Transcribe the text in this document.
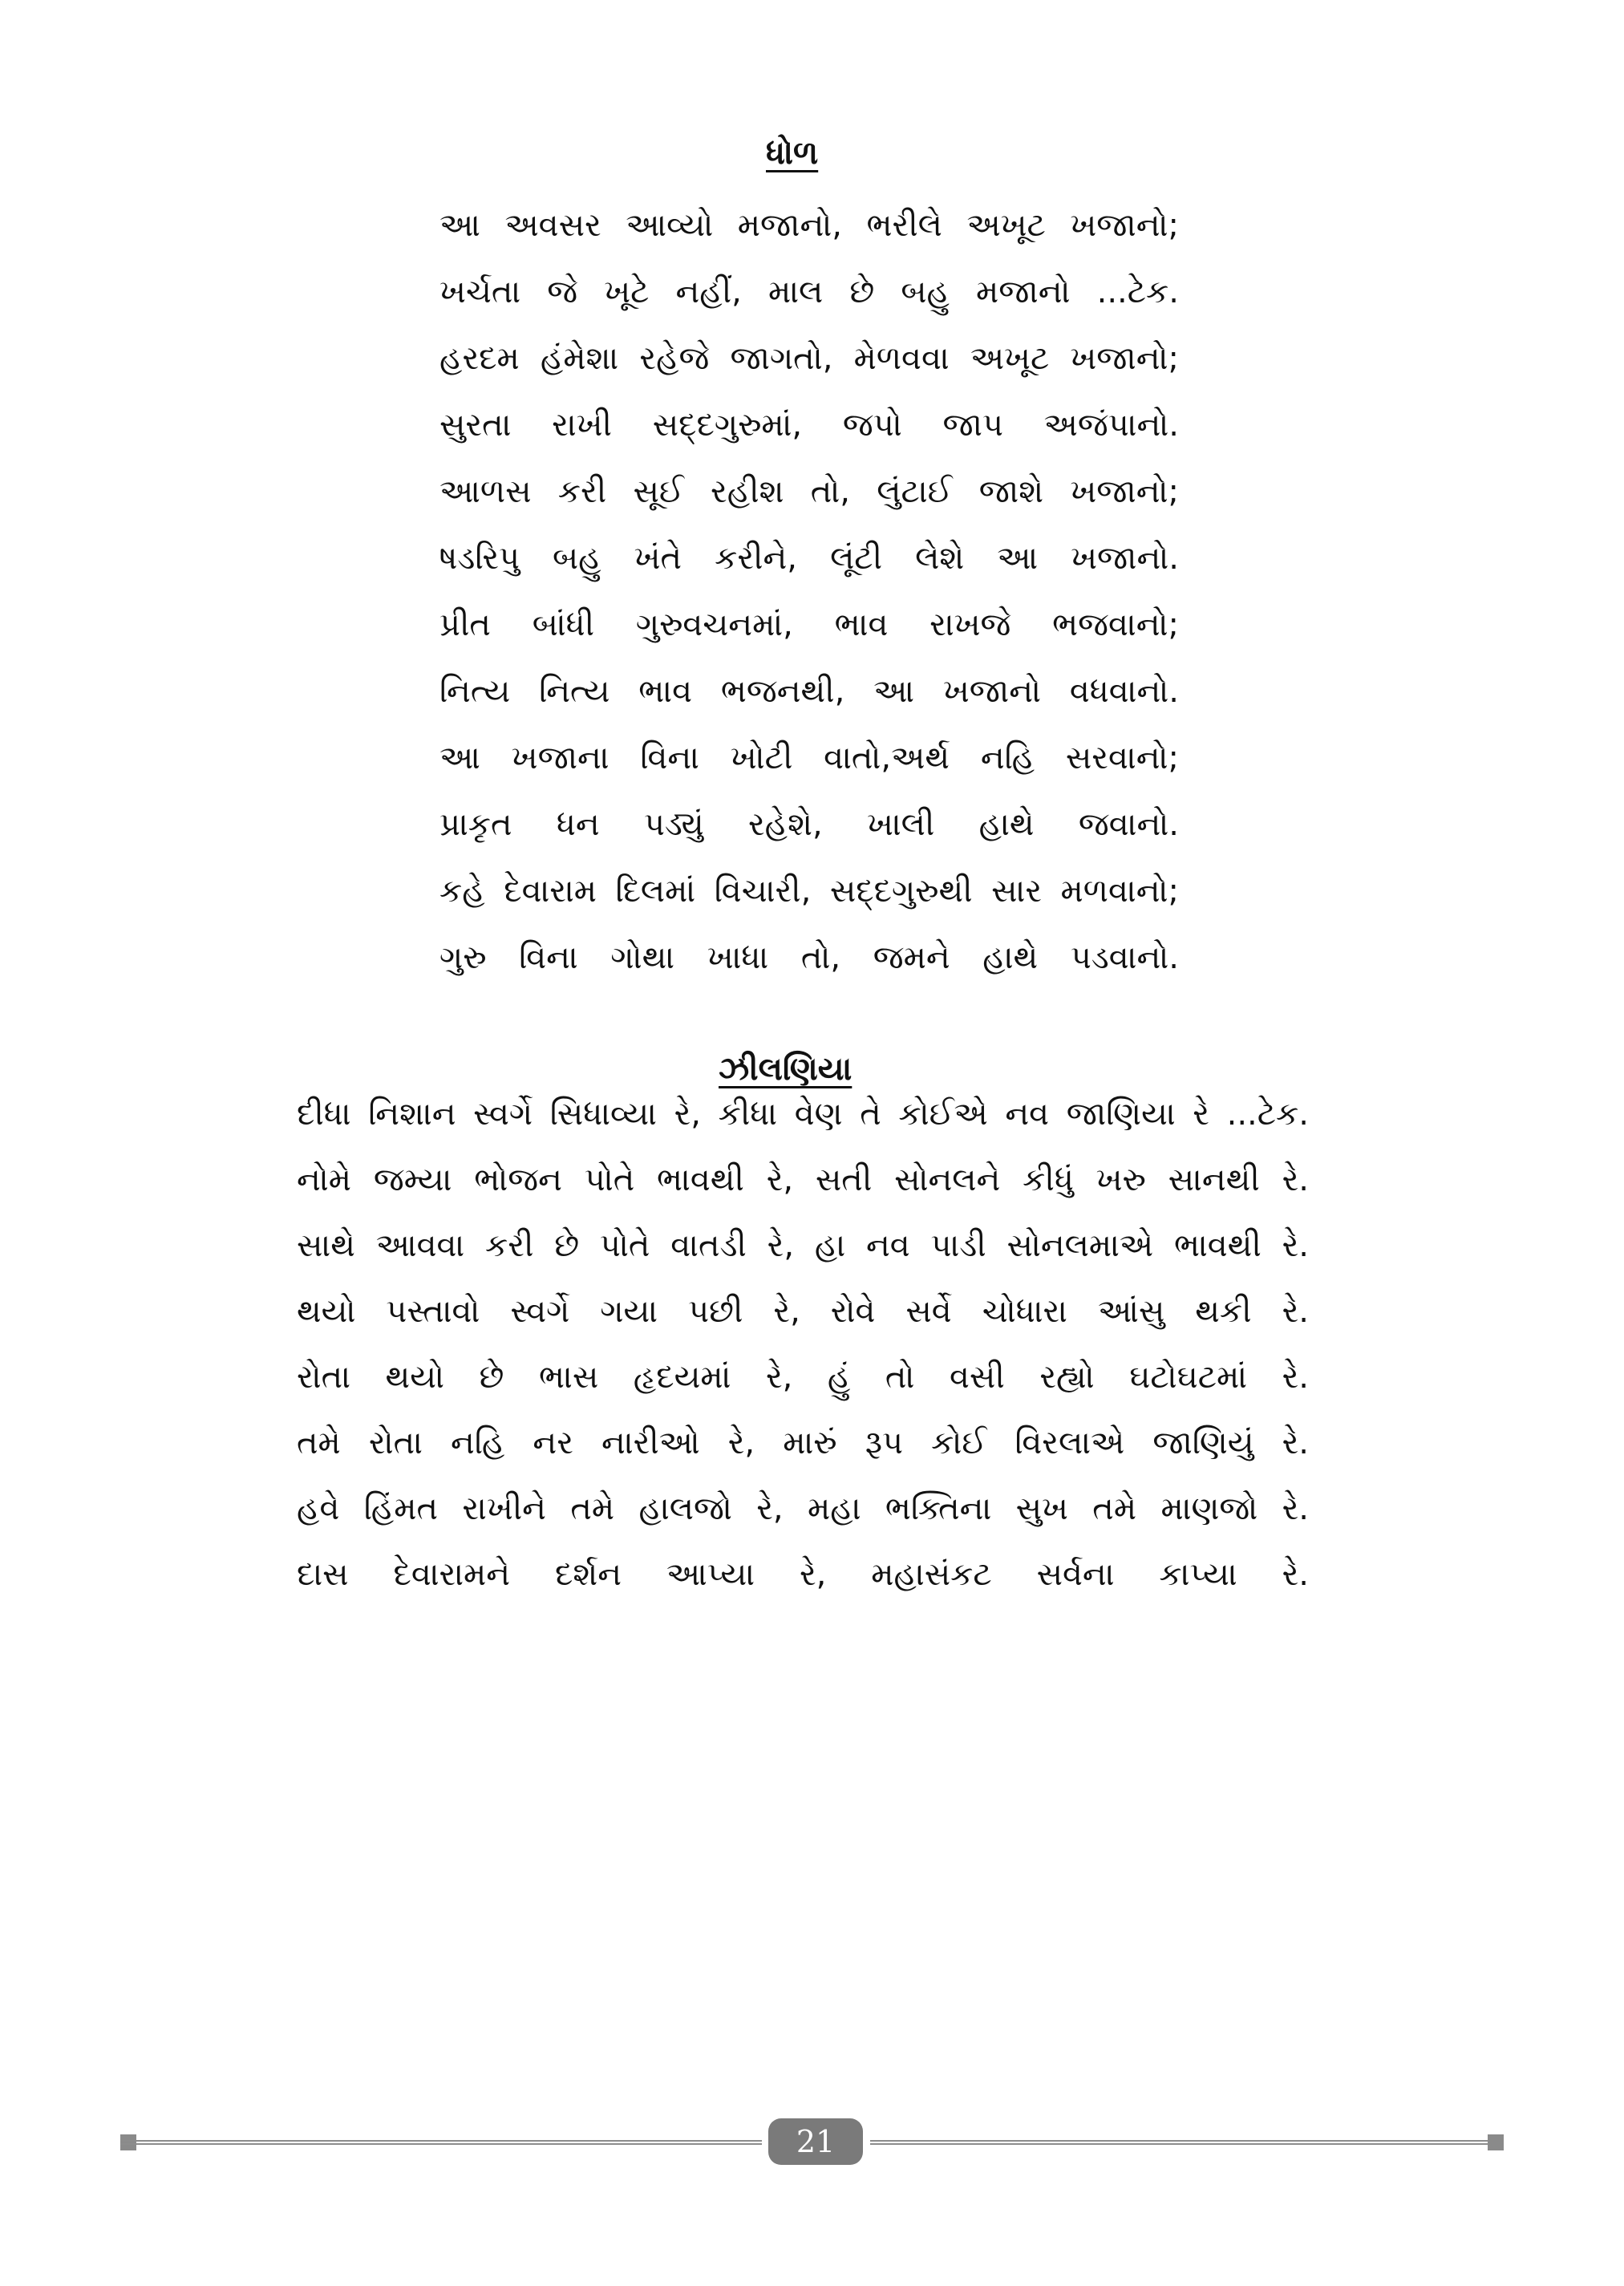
ધોળ
આ અવસર આવ્યો મજાનો, ભરીલે અખૂટ ખજાનો;
ખર્ચતા જે ખૂટે નહીં, માલ છે બહુ મજાનો ...ટેક.
હરદમ હંમેશા રહેજે જાગતો, મેળવવા અખૂટ ખજાનો;
સુરતા રાખી સદ્દગુરુમાં, જપો જાપ અજંપાનો.
આળસ કરી સૂઈ રહીશ તો, લુંટાઈ જાશે ખજાનો;
ષડરિપુ બહુ ખંતે કરીને, લૂંટી લેશે આ ખજાનો.
પ્રીત બાંધી ગુરુવચનમાં, ભાવ રાખજે ભજવાનો;
નિત્ય નિત્ય ભાવ ભજનથી, આ ખજાનો વધવાનો.
આ ખજાના વિના ખોટી વાતો,અર્થ નહિ સરવાનો;
પ્રાકૃત ધન પડ્યું રહેશે, ખાલી હાથે જવાનો.
કહે દેવારામ દિલમાં વિચારી, સદ્દગુરુથી સાર મળવાનો;
ગુરુ વિના ગોથા ખાધા તો, જમને હાથે પડવાનો.
ઝીલણિયા
દીધા નિશાન સ્વર્ગે સિધાવ્યા રે, કીધા વેણ તે કોઈએ નવ જાણિયા રે ...ટેક.
નોમે જમ્યા ભોજન પોતે ભાવથી રે, સતી સોનલને કીધું ખરુ સાનથી રે.
સાથે આવવા કરી છે પોતે વાતડી રે, હા નવ પાડી સોનલમાએ ભાવથી રે.
થયો પસ્તાવો સ્વર્ગે ગયા પછી રે, રોવે સર્વે ચોધારા આંસુ થકી રે.
રોતા થયો છે ભાસ હૃદયમાં રે, હું તો વસી રહ્યો ઘટોઘટમાં રે.
તમે રોતા નહિ નર નારીઓ રે, મારું રૂપ કોઈ વિરલાએ જાણિયું રે.
હવે હિંમત રાખીને તમે હાલજો રે, મહા ભક્તિના સુખ તમે માણજો રે.
દાસ દેવારામને દર્શન આપ્યા રે, મહાસંકટ સર્વના કાપ્યા રે.
21
